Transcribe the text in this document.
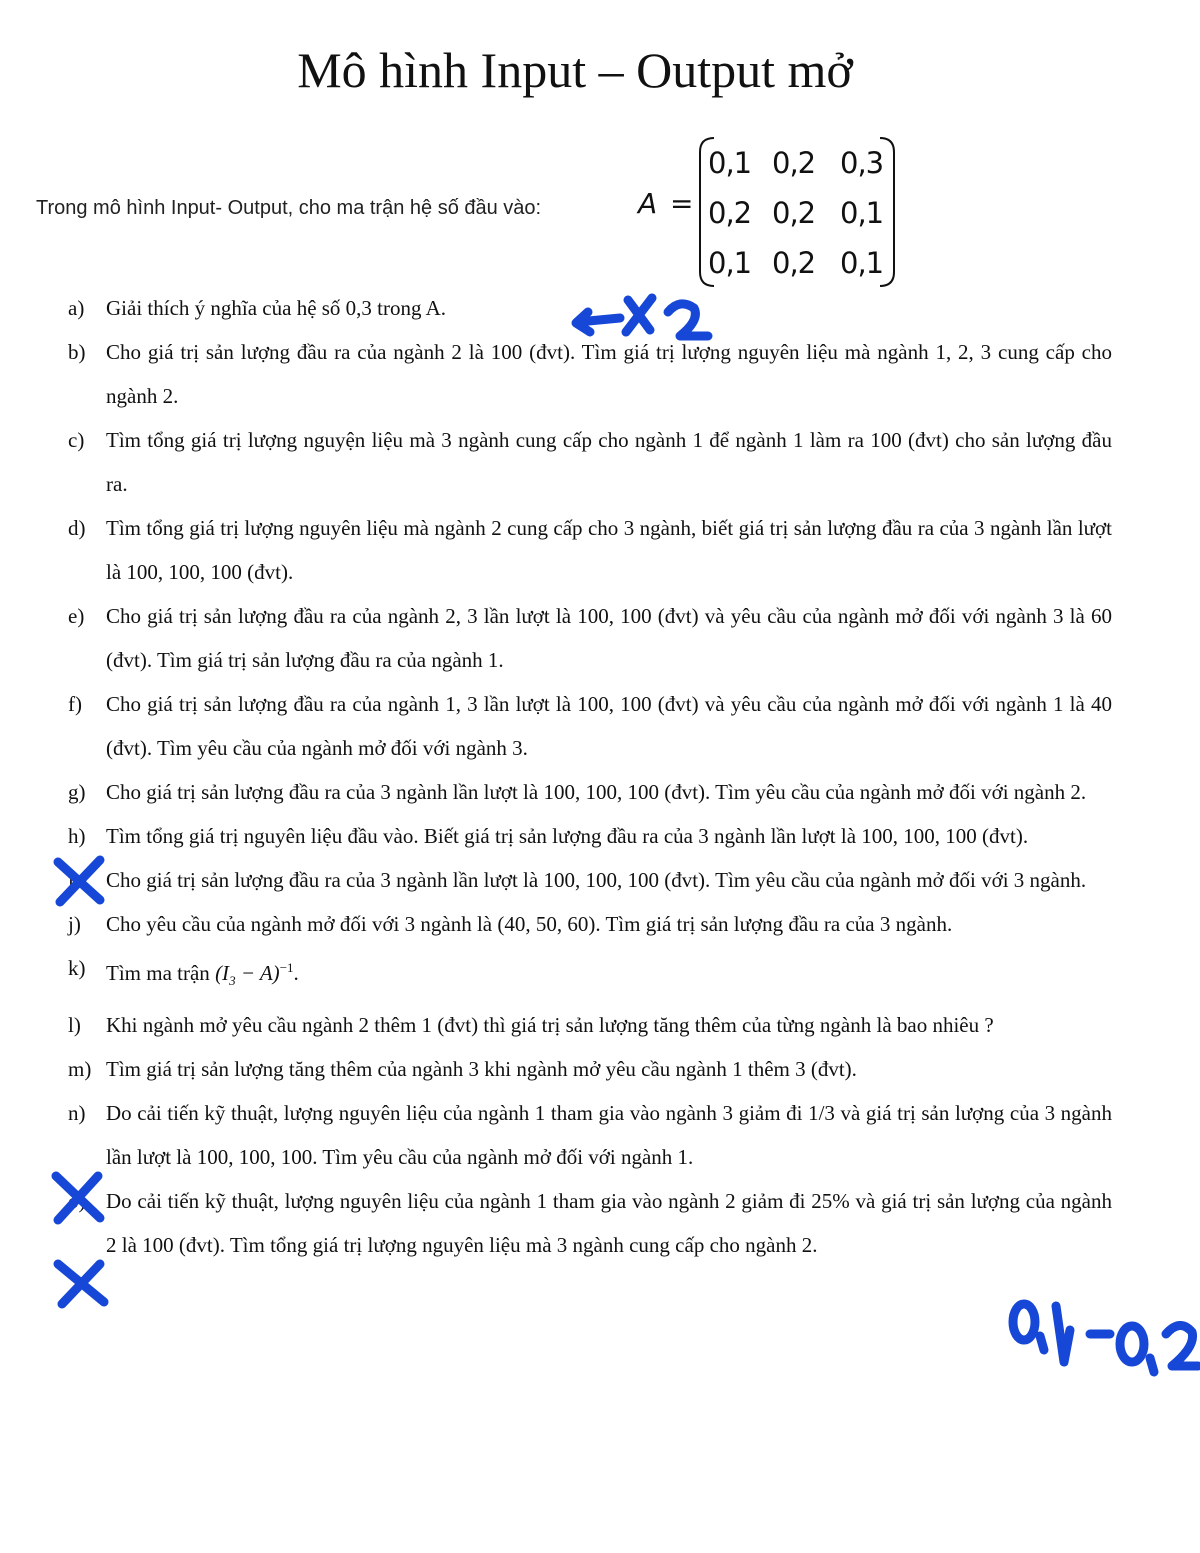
Mô hình Input – Output mở
Trong mô hình Input- Output, cho ma trận hệ số đầu vào:	A =
0,1 0,2 0,3
0,2 0,2 0,1
0,1 0,2 0,1
a) Giải thích ý nghĩa của hệ số 0,3 trong A.
b) Cho giá trị sản lượng đầu ra của ngành 2 là 100 (đvt). Tìm giá trị lượng nguyên liệu mà ngành 1, 2, 3 cung cấp cho ngành 2.
c) Tìm tổng giá trị lượng nguyện liệu mà 3 ngành cung cấp cho ngành 1 để ngành 1 làm ra 100 (đvt) cho sản lượng đầu ra.
d) Tìm tổng giá trị lượng nguyên liệu mà ngành 2 cung cấp cho 3 ngành, biết giá trị sản lượng đầu ra của 3 ngành lần lượt là 100, 100, 100 (đvt).
e) Cho giá trị sản lượng đầu ra của ngành 2, 3 lần lượt là 100, 100 (đvt) và yêu cầu của ngành mở đối với ngành 3 là 60 (đvt). Tìm giá trị sản lượng đầu ra của ngành 1.
f) Cho giá trị sản lượng đầu ra của ngành 1, 3 lần lượt là 100, 100 (đvt) và yêu cầu của ngành mở đối với ngành 1 là 40 (đvt). Tìm yêu cầu của ngành mở đối với ngành 3.
g) Cho giá trị sản lượng đầu ra của 3 ngành lần lượt là 100, 100, 100 (đvt). Tìm yêu cầu của ngành mở đối với ngành 2.
h) Tìm tổng giá trị nguyên liệu đầu vào. Biết giá trị sản lượng đầu ra của 3 ngành lần lượt là 100, 100, 100 (đvt).
i) Cho giá trị sản lượng đầu ra của 3 ngành lần lượt là 100, 100, 100 (đvt). Tìm yêu cầu của ngành mở đối với 3 ngành.
j) Cho yêu cầu của ngành mở đối với 3 ngành là (40, 50, 60). Tìm giá trị sản lượng đầu ra của 3 ngành.
k) Tìm ma trận $(I_3 - A)^{-1}$.
l) Khi ngành mở yêu cầu ngành 2 thêm 1 (đvt) thì giá trị sản lượng tăng thêm của từng ngành là bao nhiêu ?
m) Tìm giá trị sản lượng tăng thêm của ngành 3 khi ngành mở yêu cầu ngành 1 thêm 3 (đvt).
n) Do cải tiến kỹ thuật, lượng nguyên liệu của ngành 1 tham gia vào ngành 3 giảm đi 1/3 và giá trị sản lượng của 3 ngành lần lượt là 100, 100, 100. Tìm yêu cầu của ngành mở đối với ngành 1.
o) Do cải tiến kỹ thuật, lượng nguyên liệu của ngành 1 tham gia vào ngành 2 giảm đi 25% và giá trị sản lượng của ngành 2 là 100 (đvt). Tìm tổng giá trị lượng nguyên liệu mà 3 ngành cung cấp cho ngành 2.
